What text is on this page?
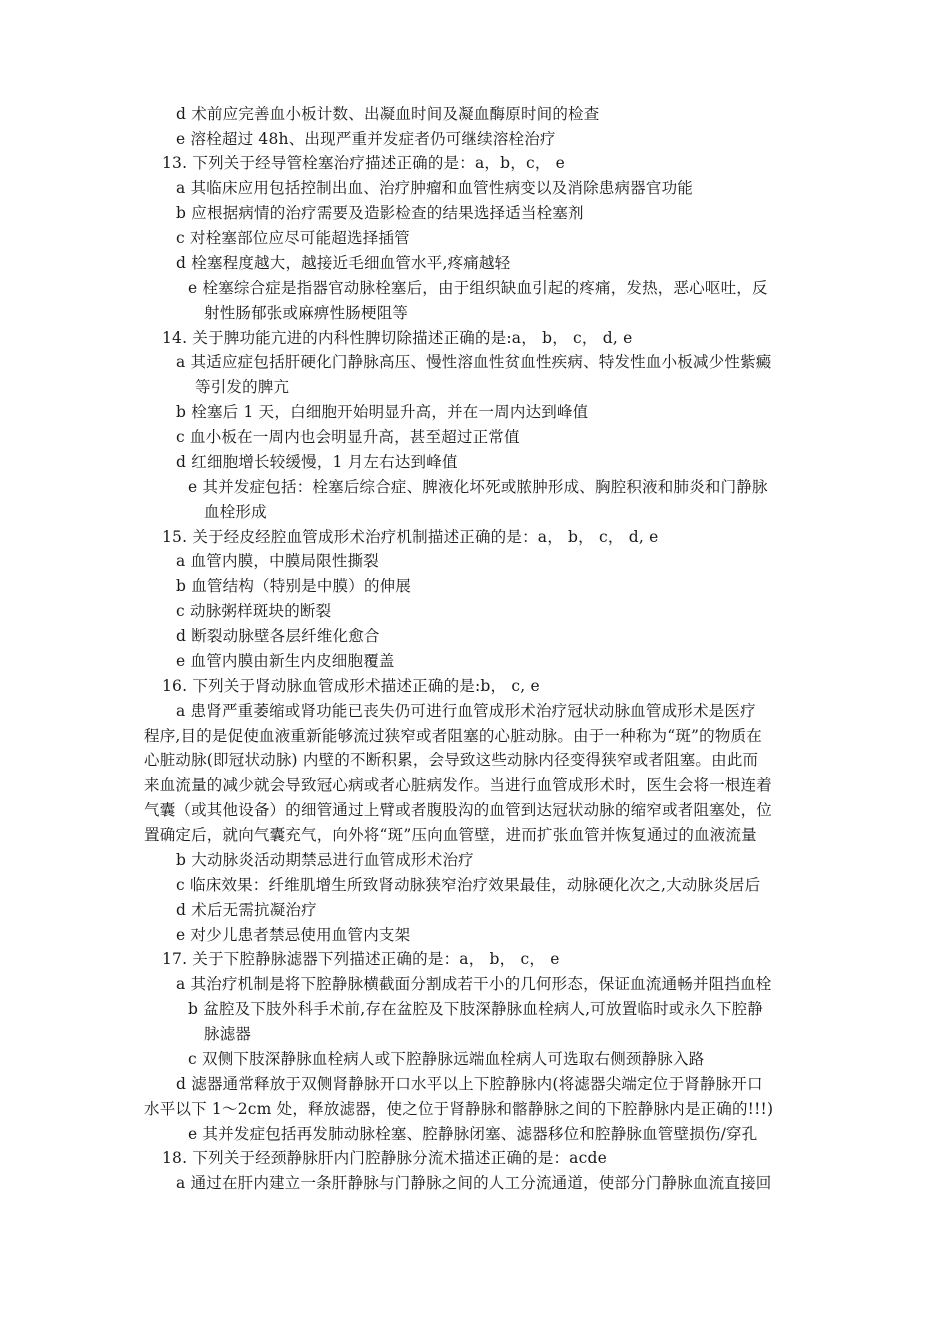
d 术前应完善血小板计数、出凝血时间及凝血酶原时间的检查
e 溶栓超过 48h、出现严重并发症者仍可继续溶栓治疗
13. 下列关于经导管栓塞治疗描述正确的是：a，b，c， e
a 其临床应用包括控制出血、治疗肿瘤和血管性病变以及消除患病器官功能
b 应根据病情的治疗需要及造影检查的结果选择适当栓塞剂
c 对栓塞部位应尽可能超选择插管
d 栓塞程度越大，越接近毛细血管水平,疼痛越轻
e 栓塞综合症是指器官动脉栓塞后，由于组织缺血引起的疼痛，发热，恶心呕吐，反
射性肠郁张或麻痹性肠梗阻等
14. 关于脾功能亢进的内科性脾切除描述正确的是:a， b， c， d, e
a 其适应症包括肝硬化门静脉高压、慢性溶血性贫血性疾病、特发性血小板减少性紫癜
等引发的脾亢
b 栓塞后 1 天，白细胞开始明显升高，并在一周内达到峰值
c 血小板在一周内也会明显升高，甚至超过正常值
d 红细胞增长较缓慢，1 月左右达到峰值
e 其并发症包括：栓塞后综合症、脾液化坏死或脓肿形成、胸腔积液和肺炎和门静脉
血栓形成
15. 关于经皮经腔血管成形术治疗机制描述正确的是：a， b， c， d, e
a 血管内膜，中膜局限性撕裂
b 血管结构（特别是中膜）的伸展
c 动脉粥样斑块的断裂
d 断裂动脉壁各层纤维化愈合
e 血管内膜由新生内皮细胞覆盖
16. 下列关于肾动脉血管成形术描述正确的是:b， c, e
a 患肾严重萎缩或肾功能已丧失仍可进行血管成形术治疗冠状动脉血管成形术是医疗
程序,目的是促使血液重新能够流过狭窄或者阻塞的心脏动脉。由于一种称为“斑”的物质在
心脏动脉(即冠状动脉) 内壁的不断积累，会导致这些动脉内径变得狭窄或者阻塞。由此而
来血流量的减少就会导致冠心病或者心脏病发作。当进行血管成形术时，医生会将一根连着
气囊（或其他设备）的细管通过上臂或者腹股沟的血管到达冠状动脉的缩窄或者阻塞处，位
置确定后，就向气囊充气，向外将“斑”压向血管壁，进而扩张血管并恢复通过的血液流量
b 大动脉炎活动期禁忌进行血管成形术治疗
c 临床效果：纤维肌增生所致肾动脉狭窄治疗效果最佳，动脉硬化次之,大动脉炎居后
d 术后无需抗凝治疗
e 对少儿患者禁忌使用血管内支架
17. 关于下腔静脉滤器下列描述正确的是：a， b， c， e
a 其治疗机制是将下腔静脉横截面分割成若干小的几何形态，保证血流通畅并阻挡血栓
b 盆腔及下肢外科手术前,存在盆腔及下肢深静脉血栓病人,可放置临时或永久下腔静
脉滤器
c 双侧下肢深静脉血栓病人或下腔静脉远端血栓病人可选取右侧颈静脉入路
d 滤器通常释放于双侧肾静脉开口水平以上下腔静脉内(将滤器尖端定位于肾静脉开口
水平以下 1～2cm 处，释放滤器，使之位于肾静脉和髂静脉之间的下腔静脉内是正确的!!!)
e 其并发症包括再发肺动脉栓塞、腔静脉闭塞、滤器移位和腔静脉血管壁损伤/穿孔
18. 下列关于经颈静脉肝内门腔静脉分流术描述正确的是：acde
a 通过在肝内建立一条肝静脉与门静脉之间的人工分流通道，使部分门静脉血流直接回
